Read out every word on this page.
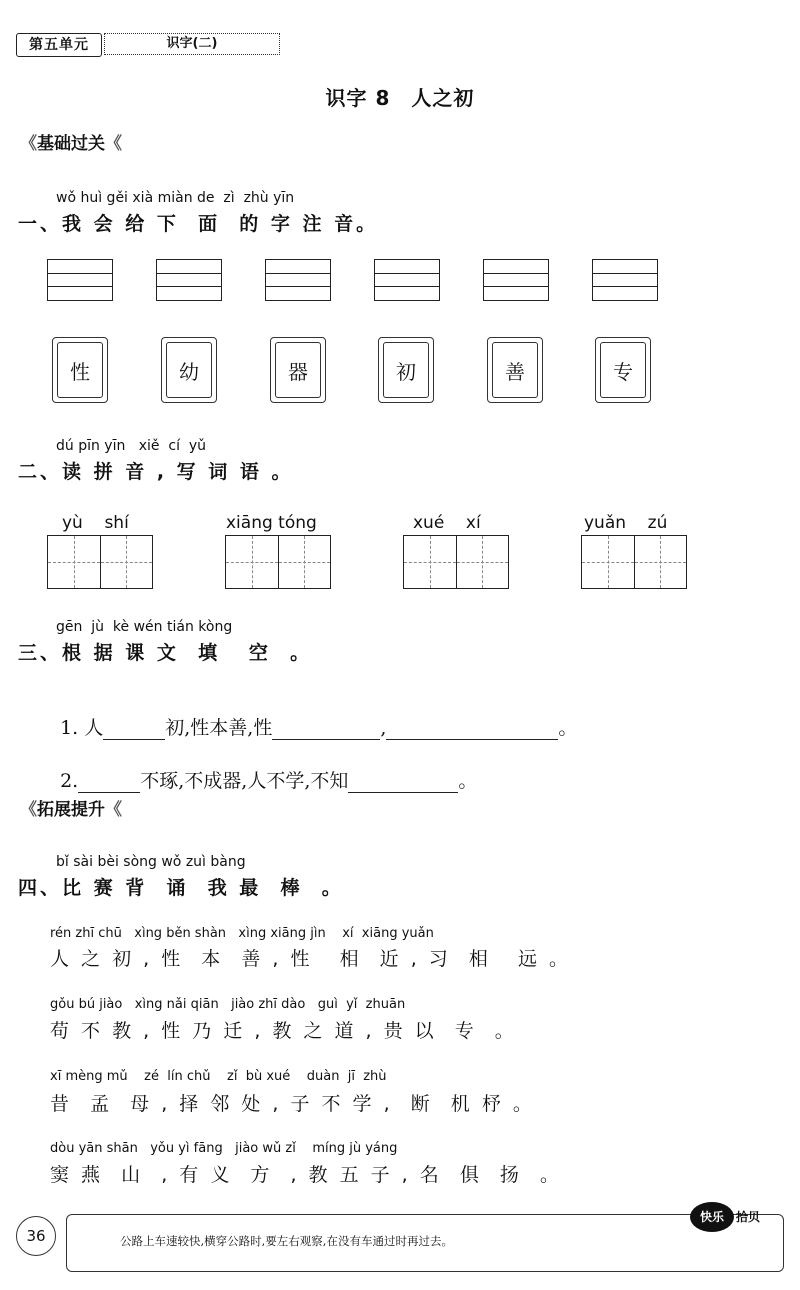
第五单元	识字(二)
识字 8　人之初
《基础过关《
wǒ huì gěi xià miàn de  zì  zhù yīn
一、我 会 给 下  面  的 字 注 音。
性	幼	器	初	善	专
dú pīn yīn   xiě  cí  yǔ
二、读 拼 音 , 写 词 语 。
yù    shí	xiāng tóng	xué    xí	yuǎn    zú
gēn  jù  kè wén tián kòng
三、根 据 课 文  填   空  。

1. 人	初,性本善,性	,	。

2.	不琢,不成器,人不学,不知	。

《拓展提升《
bǐ sài bèi sòng wǒ zuì bàng
四、比 赛 背  诵  我 最  棒  。
rén zhī chū   xìng běn shàn   xìng xiāng jìn    xí  xiāng yuǎn
人 之 初 , 性  本  善 , 性   相  近 , 习  相   远 。
gǒu bú jiào   xìng nǎi qiān   jiào zhī dào   guì  yǐ  zhuān
苟 不 教 , 性 乃 迁 , 教 之 道 , 贵 以  专  。
xī mèng mǔ    zé  lín chǔ    zǐ  bù xué    duàn  jī  zhù
昔  孟  母 , 择 邻 处 , 子 不 学 ,  断  机 杼 。
dòu yān shān   yǒu yì fāng   jiào wǔ zǐ    míng jù yáng
窦 燕  山  , 有 义  方  , 教 五 子 , 名  俱  扬  。
36	公路上车速较快,横穿公路时,要左右观察,在没有车通过时再过去。
快乐	拾贝
